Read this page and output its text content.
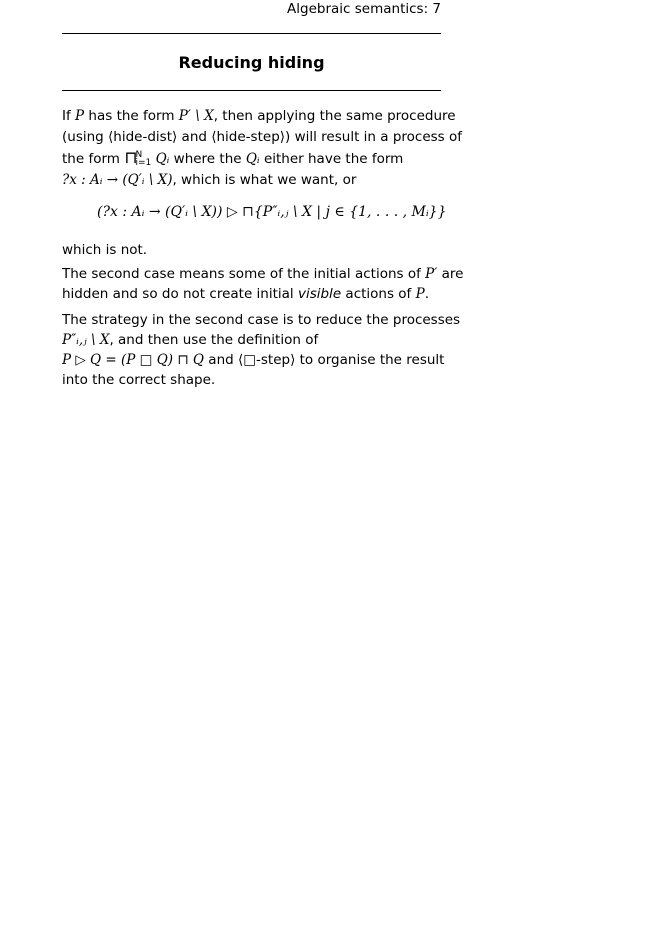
Algebraic semantics: 7
Reducing hiding
If P has the form P′ \ X, then applying the same procedure
(using ⟨hide-dist⟩ and ⟨hide-step⟩) will result in a process of
the form ⊓N
i=1 Qᵢ where the Qᵢ either have the form
?x : Aᵢ → (Q′ᵢ \ X), which is what we want, or
(?x : Aᵢ → (Q′ᵢ \ X)) ▷ ⊓{P″ᵢ,ⱼ \ X | j ∈ {1, . . . , Mᵢ}}
which is not.
The second case means some of the initial actions of P′ are
hidden and so do not create initial visible actions of P.
The strategy in the second case is to reduce the processes
P″ᵢ,ⱼ \ X, and then use the definition of
P ▷ Q = (P □ Q) ⊓ Q and ⟨□-step⟩ to organise the result
into the correct shape.
